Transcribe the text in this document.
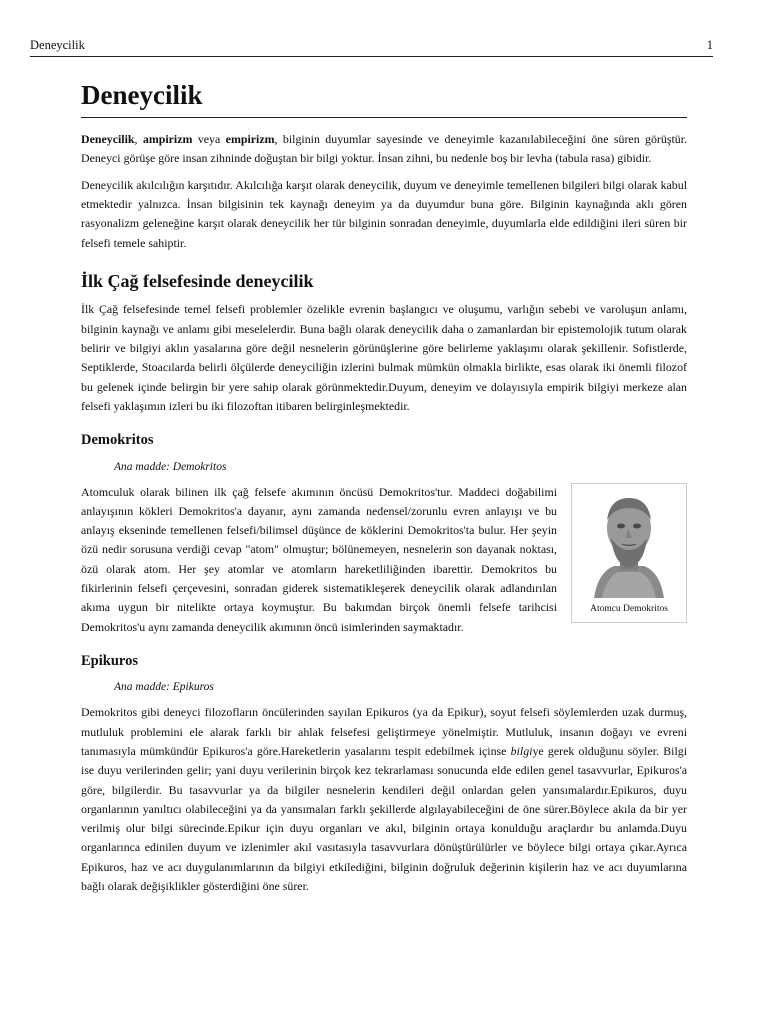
Deneycilik	1
Deneycilik

Deneycilik, ampirizm veya empirizm, bilginin duyumlar sayesinde ve deneyimle kazanılabileceğini öne süren görüştür. Deneyci görüşe göre insan zihninde doğuştan bir bilgi yoktur. İnsan zihni, bu nedenle boş bir levha (tabula rasa) gibidir.

Deneycilik akılcılığın karşıtıdır. Akılcılığa karşıt olarak deneycilik, duyum ve deneyimle temellenen bilgileri bilgi olarak kabul etmektedir yalnızca. İnsan bilgisinin tek kaynağı deneyim ya da duyumdur buna göre. Bilginin kaynağında aklı gören rasyonalizm geleneğine karşıt olarak deneycilik her tür bilginin sonradan deneyimle, duyumlarla elde edildiğini ileri süren bir felsefi temele sahiptir.

İlk Çağ felsefesinde deneycilik

İlk Çağ felsefesinde temel felsefi problemler özelikle evrenin başlangıcı ve oluşumu, varlığın sebebi ve varoluşun anlamı, bilginin kaynağı ve anlamı gibi meselelerdir. Buna bağlı olarak deneycilik daha o zamanlardan bir epistemolojik tutum olarak belirir ve bilgiyi aklın yasalarına göre değil nesnelerin görünüşlerine göre belirleme yaklaşımı olarak şekillenir. Sofistlerde, Septiklerde, Stoacılarda belirli ölçülerde deneyciliğin izlerini bulmak mümkün olmakla birlikte, esas olarak iki önemli filozof bu gelenek içinde belirgin bir yere sahip olarak görünmektedir.Duyum, deneyim ve dolayısıyla empirik bilgiyi merkeze alan felsefi yaklaşımın izleri bu iki filozoftan itibaren belirginleşmektedir.

Demokritos
Ana madde: Demokritos
Atomcu Demokritos

Atomculuk olarak bilinen ilk çağ felsefe akımının öncüsü Demokritos'tur. Maddeci doğabilimi anlayışının kökleri Demokritos'a dayanır, aynı zamanda nedensel/zorunlu evren anlayışı ve bu anlayış ekseninde temellenen felsefi/bilimsel düşünce de köklerini Demokritos'ta bulur. Her şeyin özü nedir sorusuna verdiği cevap "atom" olmuştur; bölünemeyen, nesnelerin son dayanak noktası, özü olarak atom. Her şey atomlar ve atomların hareketliliğinden ibarettir. Demokritos bu fikirlerinin felsefi çerçevesini, sonradan giderek sistematikleşerek deneycilik olarak adlandırılan akıma uygun bir nitelikte ortaya koymuştur. Bu bakımdan birçok önemli felsefe tarihcisi Demokritos'u aynı zamanda deneycilik akımının öncü isimlerinden saymaktadır.

Epikuros
Ana madde: Epikuros

Demokritos gibi deneyci filozofların öncülerinden sayılan Epikuros (ya da Epikur), soyut felsefi söylemlerden uzak durmuş, mutluluk problemini ele alarak farklı bir ahlak felsefesi geliştirmeye yönelmiştir. Mutluluk, insanın doğayı ve evreni tanımasıyla mümkündür Epikuros'a göre.Hareketlerin yasalarını tespit edebilmek içinse bilgiye gerek olduğunu söyler. Bilgi ise duyu verilerinden gelir; yani duyu verilerinin birçok kez tekrarlaması sonucunda elde edilen genel tasavvurlar, Epikuros'a göre, bilgilerdir. Bu tasavvurlar ya da bilgiler nesnelerin kendileri değil onlardan gelen yansımalardır.Epikuros, duyu organlarının yanıltıcı olabileceğini ya da yansımaları farklı şekillerde algılayabileceğini de öne sürer.Böylece akıla da bir yer verilmiş olur bilgi sürecinde.Epikur için duyu organları ve akıl, bilginin ortaya konulduğu araçlardır bu anlamda.Duyu organlarınca edinilen duyum ve izlenimler akıl vasıtasıyla tasavvurlara dönüştürülürler ve böylece bilgi ortaya çıkar.Ayrıca Epikuros, haz ve acı duygulanımlarının da bilgiyi etkilediğini, bilginin doğruluk değerinin kişilerin haz ve acı duyumlarına bağlı olarak değişiklikler gösterdiğini öne sürer.
